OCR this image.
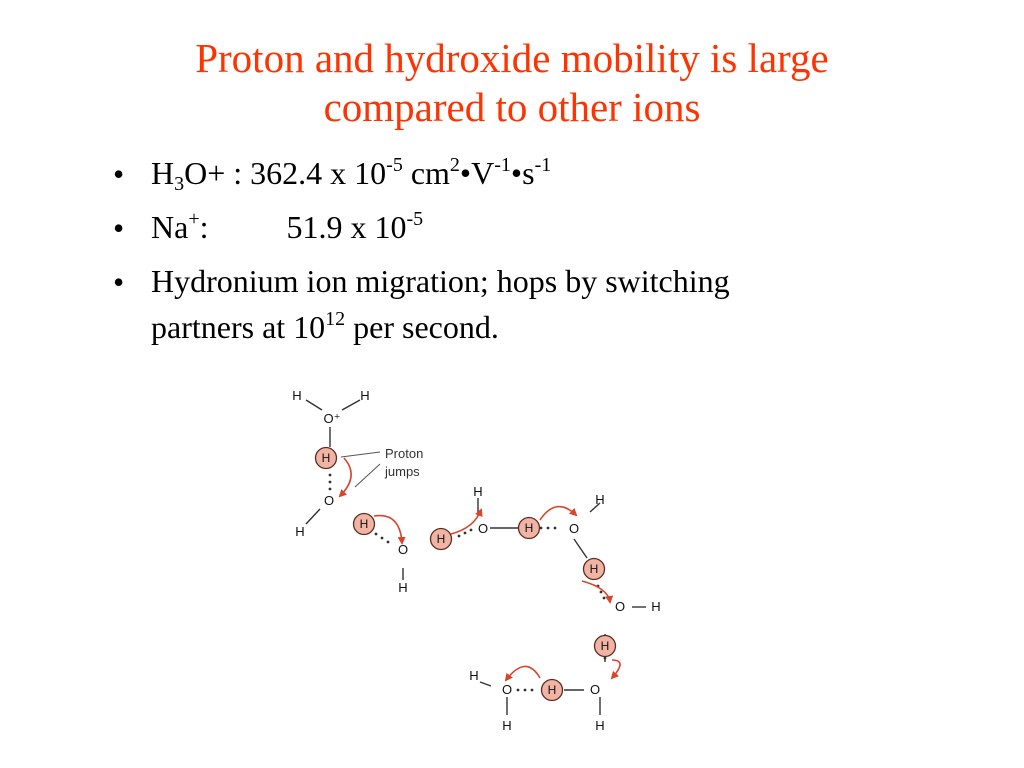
Proton and hydroxide mobility is large
compared to other ions
• $H_3O+$ : 362.4 x $10^{-5}$ $cm^2•V^{-1}•s^{-1}$
• Na+: 51.9 x $10^{-5}$
• Hydronium ion migration; hops by switching
partners at $10^{12}$ per second.
H
H
H
H
H
H
H
H	H
O⁺
O
H
O
H
H
O	O
H
O H
O
H
O
H
H
Proton
jumps
